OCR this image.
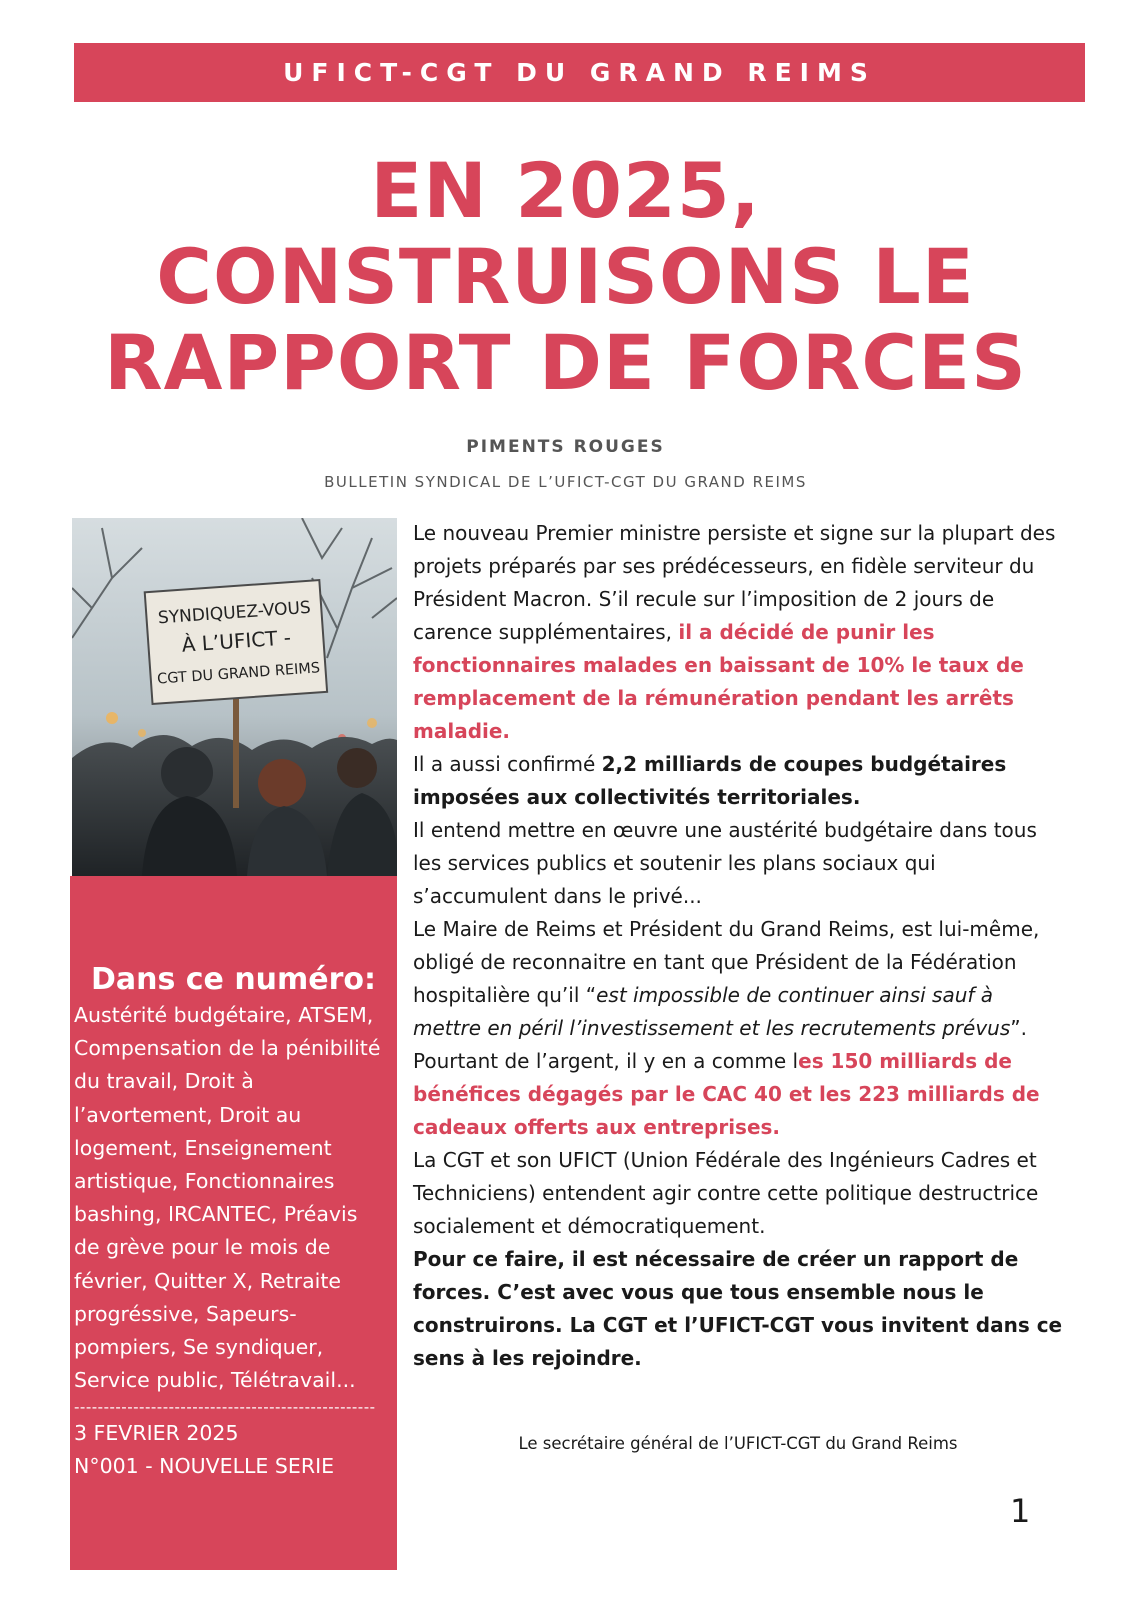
UFICT-CGT DU GRAND REIMS
EN 2025,
CONSTRUISONS LE
RAPPORT DE FORCES
PIMENTS ROUGES
BULLETIN SYNDICAL DE L’UFICT-CGT DU GRAND REIMS
SYNDIQUEZ-VOUS
À L’UFICT -
CGT DU GRAND REIMS
Dans ce numéro:
Austérité budgétaire, ATSEM, Compensation de la pénibilité du travail, Droit à l’avortement, Droit au logement, Enseignement artistique, Fonctionnaires bashing, IRCANTEC, Préavis de grève pour le mois de février, Quitter X, Retraite progréssive, Sapeurs-pompiers, Se syndiquer, Service public, Télétravail...
---------------------------------------------------
3 FEVRIER 2025
N°001 - NOUVELLE SERIE

Le nouveau Premier ministre persiste et signe sur la plupart des projets préparés par ses prédécesseurs, en fidèle serviteur du Président Macron. S’il recule sur l’imposition de 2 jours de carence supplémentaires, il a décidé de punir les fonctionnaires malades en baissant de 10% le taux de remplacement de la rémunération pendant les arrêts maladie.

Il a aussi confirmé 2,2 milliards de coupes budgétaires imposées aux collectivités territoriales.

Il entend mettre en œuvre une austérité budgétaire dans tous les services publics et soutenir les plans sociaux qui s’accumulent dans le privé...

Le Maire de Reims et Président du Grand Reims, est lui-même, obligé de reconnaitre en tant que Président de la Fédération hospitalière qu’il “est impossible de continuer ainsi sauf à mettre en péril l’investissement et les recrutements prévus”.

Pourtant de l’argent, il y en a comme les 150 milliards de bénéfices dégagés par le CAC 40 et les 223 milliards de cadeaux offerts aux entreprises.

La CGT et son UFICT (Union Fédérale des Ingénieurs Cadres et Techniciens) entendent agir contre cette politique destructrice socialement et démocratiquement.

Pour ce faire, il est nécessaire de créer un rapport de forces. C’est avec vous que tous ensemble nous le construirons. La CGT et l’UFICT-CGT vous invitent dans ce sens à les rejoindre.

Le secrétaire général de l’UFICT-CGT du Grand Reims
1
